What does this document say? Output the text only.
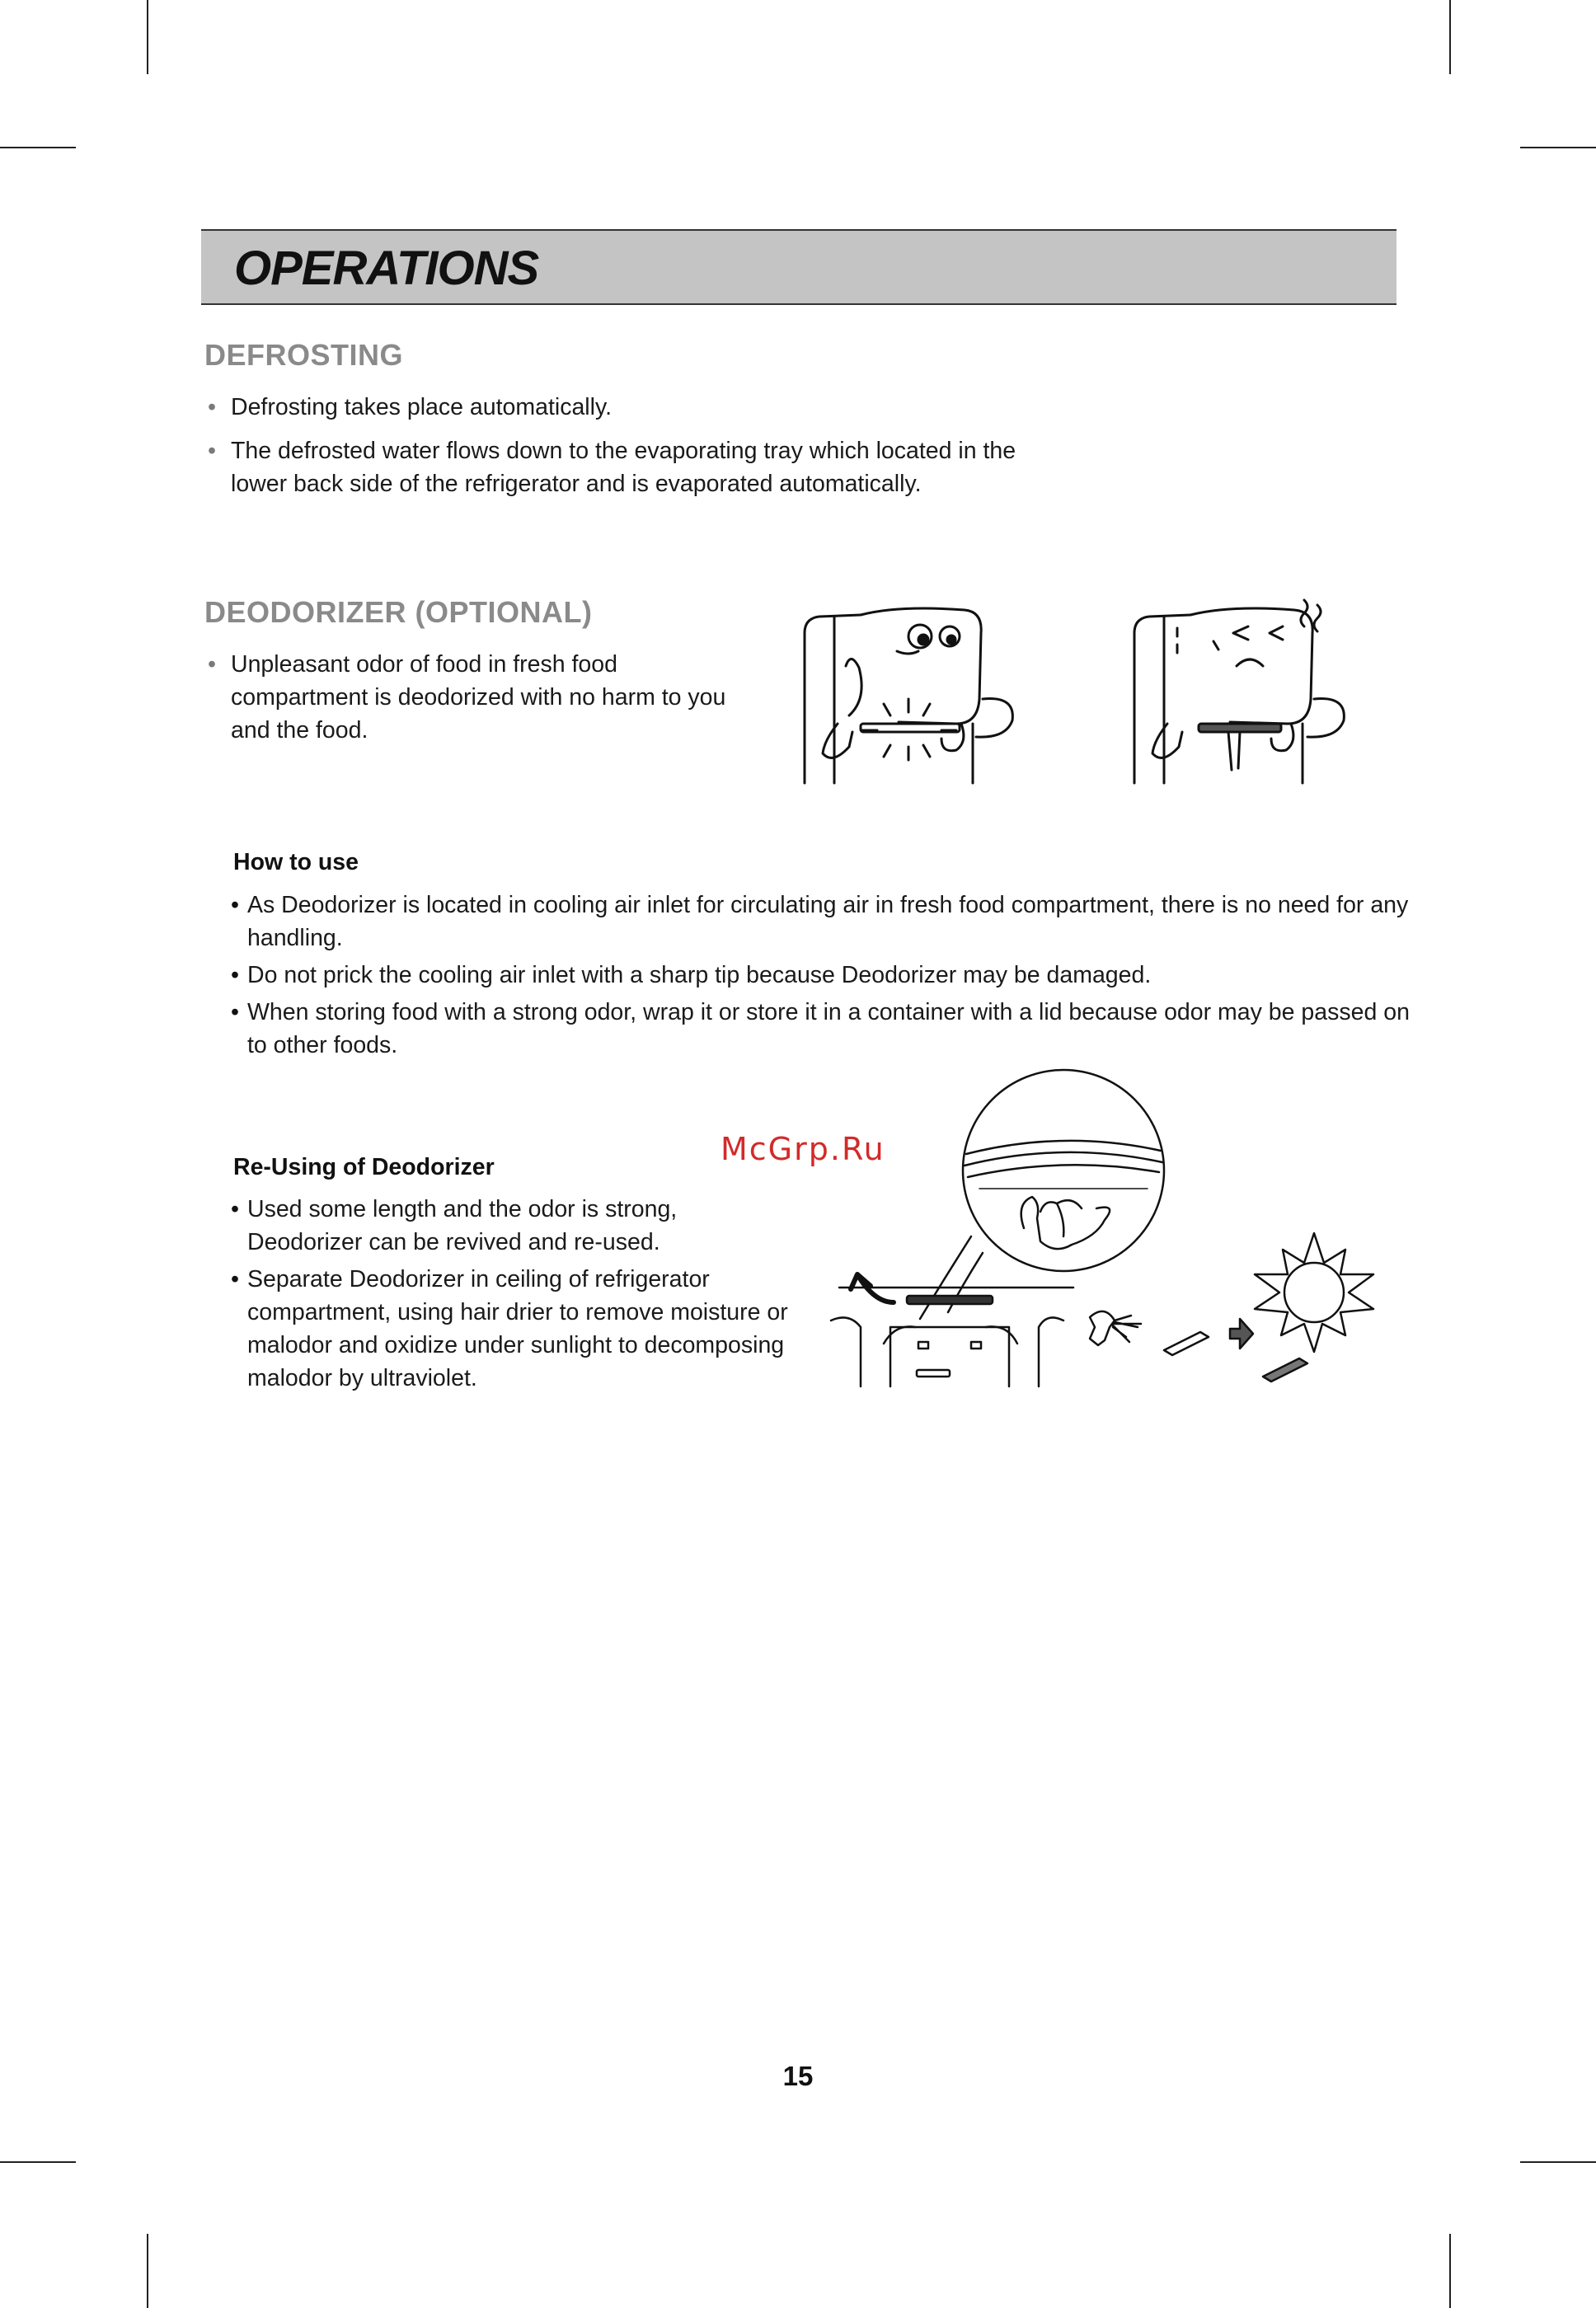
OPERATIONS
DEFROSTING
• Defrosting takes place automatically.
• The defrosted water flows down to the evaporating tray which located in the lower back side of the refrigerator and is evaporated automatically.
DEODORIZER (OPTIONAL)
• Unpleasant odor of food in fresh food compartment is deodorized with no harm to you and the food.
How to use
• As Deodorizer is located in cooling air inlet for circulating air in fresh food compartment, there is no need for any handling.
• Do not prick the cooling air inlet with a sharp tip because Deodorizer may be damaged.
• When storing food with a strong odor, wrap it or store it in a container with a lid because odor may be passed on to other foods.
Re-Using of Deodorizer
• Used some length and the odor is strong, Deodorizer can be revived and re-used.
• Separate Deodorizer in ceiling of refrigerator compartment, using hair drier to remove moisture or malodor and oxidize under sunlight to decomposing malodor by ultraviolet.
McGrp.Ru
15
